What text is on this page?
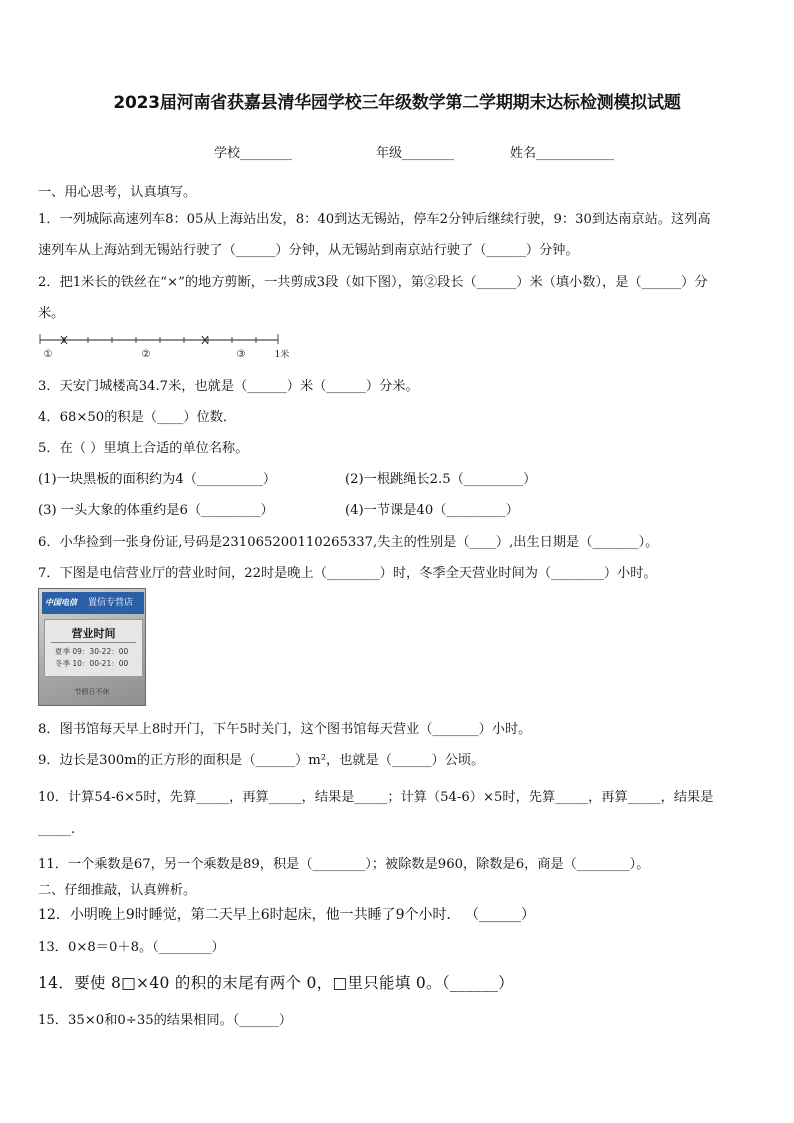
2023届河南省获嘉县清华园学校三年级数学第二学期期末达标检测模拟试题
学校________	年级________	姓名____________
一、用心思考，认真填写。
1．一列城际高速列车8：05从上海站出发，8：40到达无锡站，停车2分钟后继续行驶，9：30到达南京站。这列高
速列车从上海站到无锡站行驶了（______）分钟，从无锡站到南京站行驶了（______）分钟。
2．把1米长的铁丝在“×”的地方剪断，一共剪成3段（如下图），第②段长（______）米（填小数），是（______）分
米。
①	②	③	1米
3．天安门城楼高34.7米，也就是（______）米（______）分米。
4．68×50的积是（____）位数．
5．在（ ）里填上合适的单位名称。
(1)一块黑板的面积约为4（__________）	(2)一根跳绳长2.5（_________）
(3) 一头大象的体重约是6（_________）	(4)一节课是40（_________）
6．小华捡到一张身份证,号码是231065200110265337,失主的性别是（____）,出生日期是（_______）。
7．下图是电信营业厅的营业时间，22时是晚上（________）时，冬季全天营业时间为（________）小时。
中国电信	置信专营店
营业时间
夏季 09：30-22：00
冬季 10：00-21：00
节假日不休
8．图书馆每天早上8时开门，下午5时关门，这个图书馆每天营业（_______）小时。
9．边长是300m的正方形的面积是（______）m²，也就是（______）公顷。
10．计算54-6×5时，先算_____，再算_____，结果是_____；计算（54-6）×5时，先算_____，再算_____，结果是
_____.
11．一个乘数是67，另一个乘数是89，积是（________）；被除数是960，除数是6，商是（________）。
二、仔细推敲，认真辨析。
12．小明晚上9时睡觉，第二天早上6时起床，他一共睡了9个小时． （______）
13．0×8＝0＋8。（________）
14．要使 8□×40 的积的末尾有两个 0，□里只能填 0。（______）
15．35×0和0÷35的结果相同。（______）
